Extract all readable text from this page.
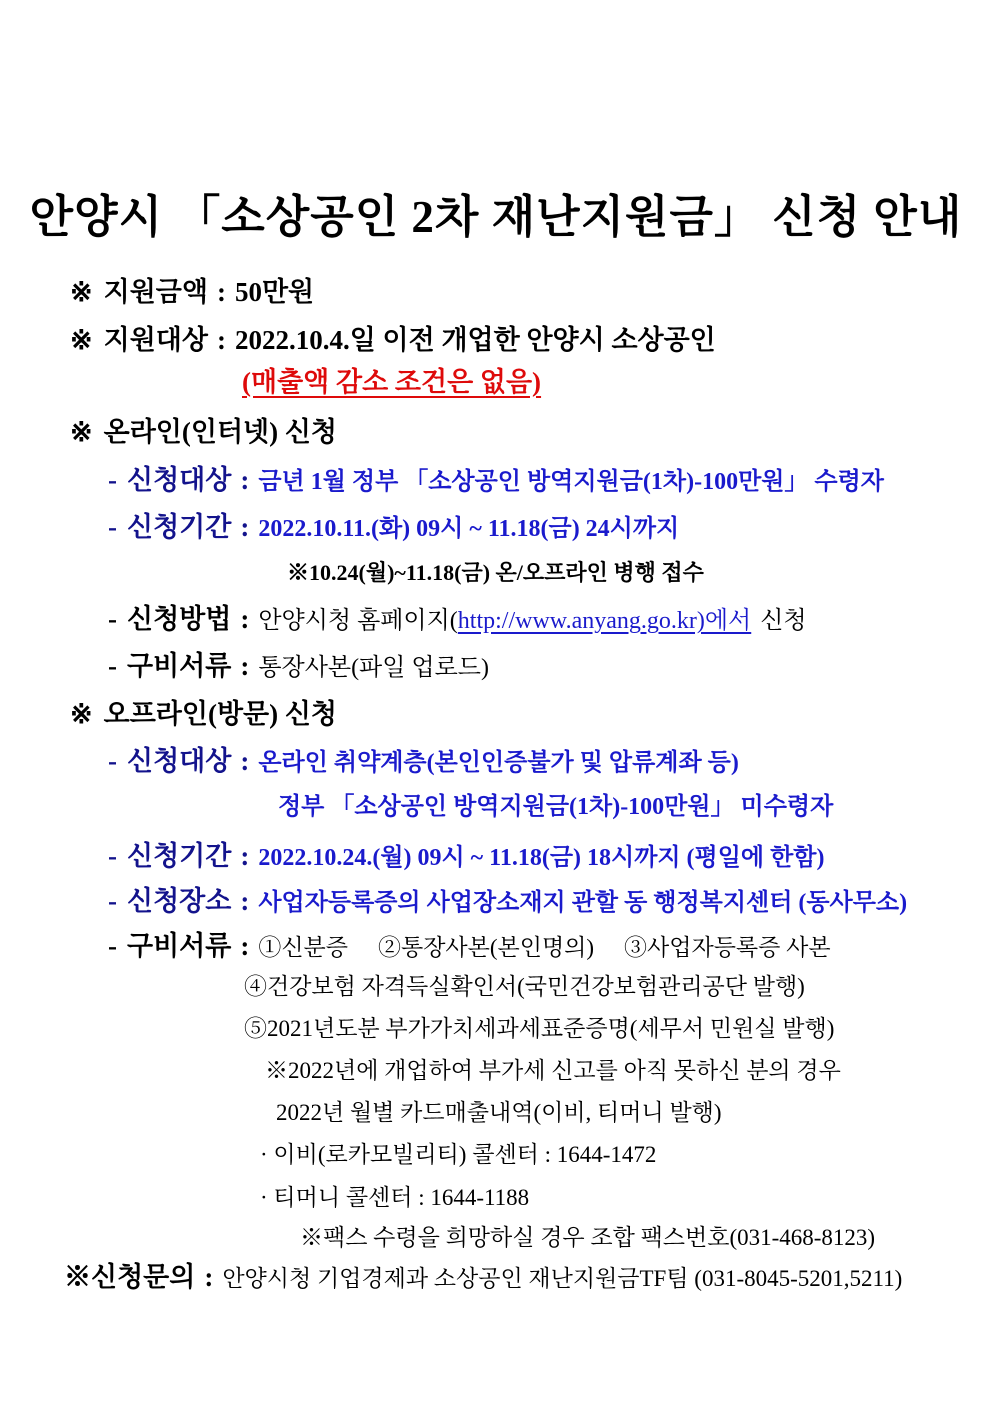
안양시 「소상공인 2차 재난지원금」 신청 안내
※ 지원금액 : 50만원
※ 지원대상 : 2022.10.4.일 이전 개업한 안양시 소상공인
(매출액 감소 조건은 없음)
※ 온라인(인터넷) 신청
- 신청대상 : 금년 1월 정부 「소상공인 방역지원금(1차)-100만원」 수령자
- 신청기간 : 2022.10.11.(화) 09시 ~ 11.18(금) 24시까지
※10.24(월)~11.18(금) 온/오프라인 병행 접수
- 신청방법 : 안양시청 홈페이지(http://www.anyang.go.kr)에서 신청
- 구비서류 : 통장사본(파일 업로드)
※ 오프라인(방문) 신청
- 신청대상 : 온라인 취약계층(본인인증불가 및 압류계좌 등)
정부 「소상공인 방역지원금(1차)-100만원」 미수령자
- 신청기간 : 2022.10.24.(월) 09시 ~ 11.18(금) 18시까지 (평일에 한함)
- 신청장소 : 사업자등록증의 사업장소재지 관할 동 행정복지센터 (동사무소)
- 구비서류 : ①신분증 ②통장사본(본인명의) ③사업자등록증 사본
④건강보험 자격득실확인서(국민건강보험관리공단 발행)
⑤2021년도분 부가가치세과세표준증명(세무서 민원실 발행)
※2022년에 개업하여 부가세 신고를 아직 못하신 분의 경우
2022년 월별 카드매출내역(이비, 티머니 발행)
· 이비(로카모빌리티) 콜센터 : 1644-1472
· 티머니 콜센터 : 1644-1188
※팩스 수령을 희망하실 경우 조합 팩스번호(031-468-8123)
※신청문의 : 안양시청 기업경제과 소상공인 재난지원금TF팀 (031-8045-5201,5211)
